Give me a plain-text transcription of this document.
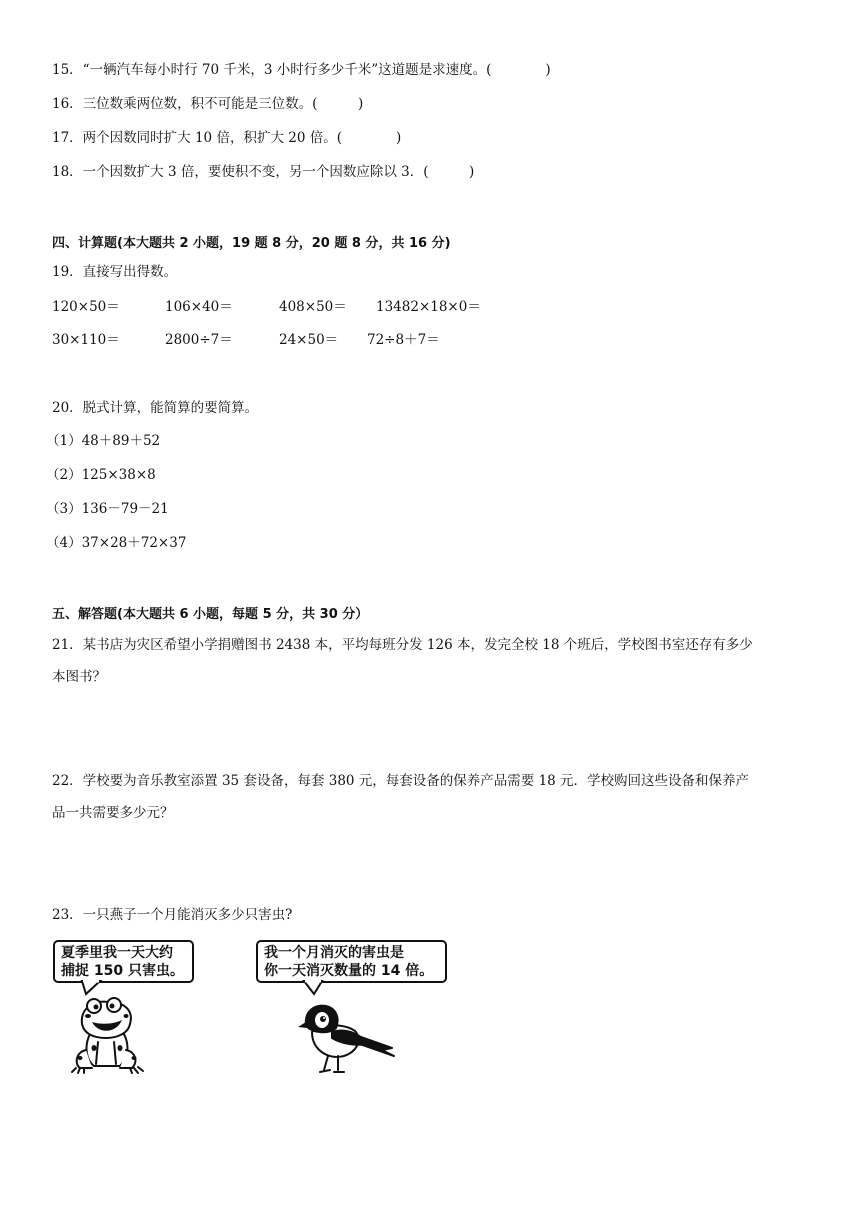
15．“一辆汽车每小时行 70 千米，3 小时行多少千米”这道题是求速度。(　　　　)
16．三位数乘两位数，积不可能是三位数。(　　　)
17．两个因数同时扩大 10 倍，积扩大 20 倍。(　　　　)
18．一个因数扩大 3 倍，要使积不变，另一个因数应除以 3．(　　　)
四、计算题(本大题共 2 小题，19 题 8 分，20 题 8 分，共 16 分)
19．直接写出得数。
120×50＝	106×40＝	408×50＝ 13482×18×0＝
30×110＝	2800÷7＝	24×50＝ 72÷8＋7＝
20．脱式计算，能简算的要简算。
（1）48＋89＋52
（2）125×38×8
（3）136－79－21
（4）37×28＋72×37
五、解答题(本大题共 6 小题，每题 5 分，共 30 分）
21．某书店为灾区希望小学捐赠图书 2438 本，平均每班分发 126 本，发完全校 18 个班后，学校图书室还存有多少
本图书？
22．学校要为音乐教室添置 35 套设备，每套 380 元，每套设备的保养产品需要 18 元．学校购回这些设备和保养产
品一共需要多少元？
23．一只燕子一个月能消灭多少只害虫?
夏季里我一天大约
捕捉 150 只害虫。
我一个月消灭的害虫是
你一天消灭数量的 14 倍。
